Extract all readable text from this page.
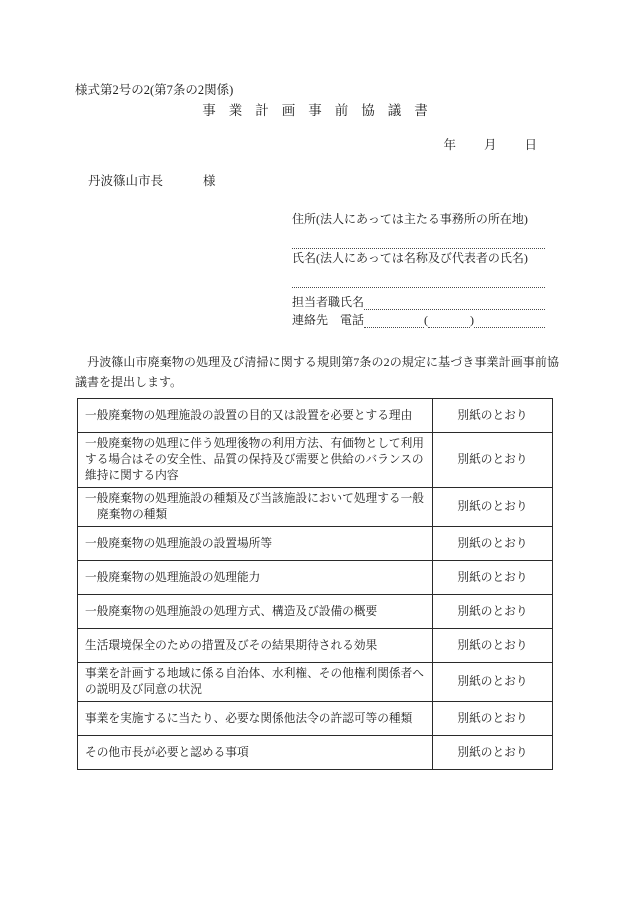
様式第2号の2(第7条の2関係)
事業計画事前協議書
年 月 日
丹波篠山市長	様
住所(法人にあっては主たる事務所の所在地)
氏名(法人にあっては名称及び代表者の氏名)
担当者職氏名
連絡先 電話	(	)

　丹波篠山市廃棄物の処理及び清掃に関する規則第7条の2の規定に基づき事業計画事前協議書を提出します。

一般廃棄物の処理施設の設置の目的又は設置を必要とする理由	別紙のとおり
一般廃棄物の処理に伴う処理後物の利用方法、有価物として利用する場合はその安全性、品質の保持及び需要と供給のバランスの維持に関する内容	別紙のとおり
一般廃棄物の処理施設の種類及び当該施設において処理する一般廃棄物の種類	別紙のとおり
一般廃棄物の処理施設の設置場所等	別紙のとおり
一般廃棄物の処理施設の処理能力	別紙のとおり
一般廃棄物の処理施設の処理方式、構造及び設備の概要	別紙のとおり
生活環境保全のための措置及びその結果期待される効果	別紙のとおり
事業を計画する地域に係る自治体、水利権、その他権利関係者への説明及び同意の状況	別紙のとおり
事業を実施するに当たり、必要な関係他法令の許認可等の種類	別紙のとおり
その他市長が必要と認める事項	別紙のとおり
